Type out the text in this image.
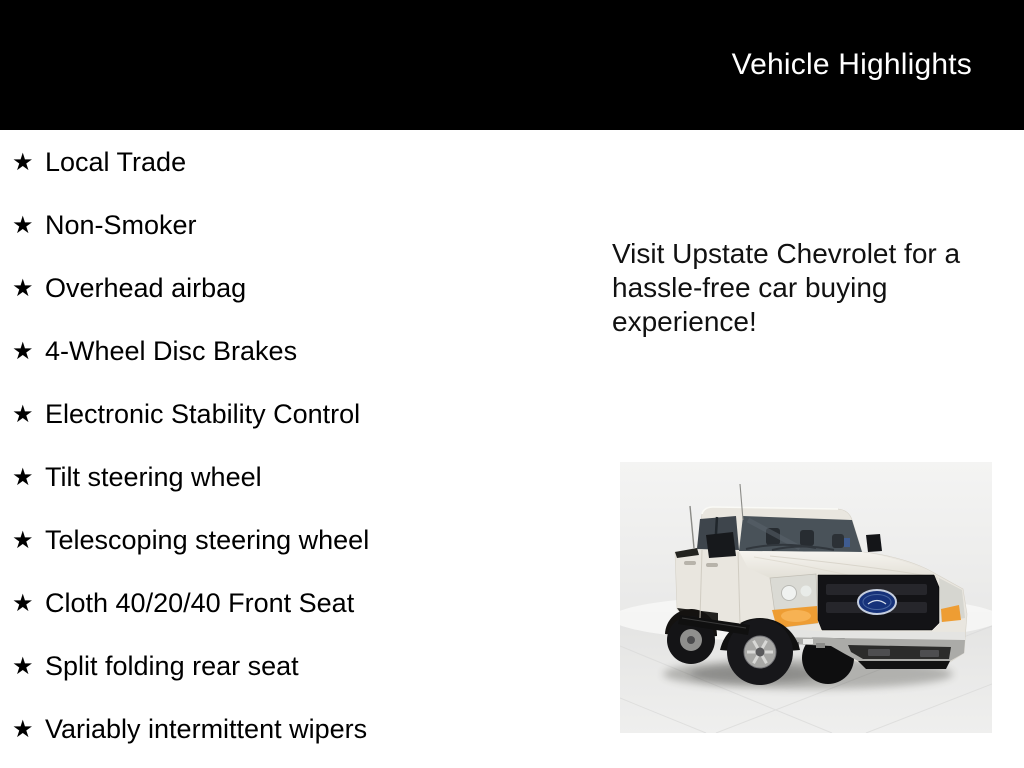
Vehicle Highlights
★ Local Trade
★ Non-Smoker
★ Overhead airbag
★ 4-Wheel Disc Brakes
★ Electronic Stability Control
★ Tilt steering wheel
★ Telescoping steering wheel
★ Cloth 40/20/40 Front Seat
★ Split folding rear seat
★ Variably intermittent wipers
Visit Upstate Chevrolet for a hassle-free car buying experience!
